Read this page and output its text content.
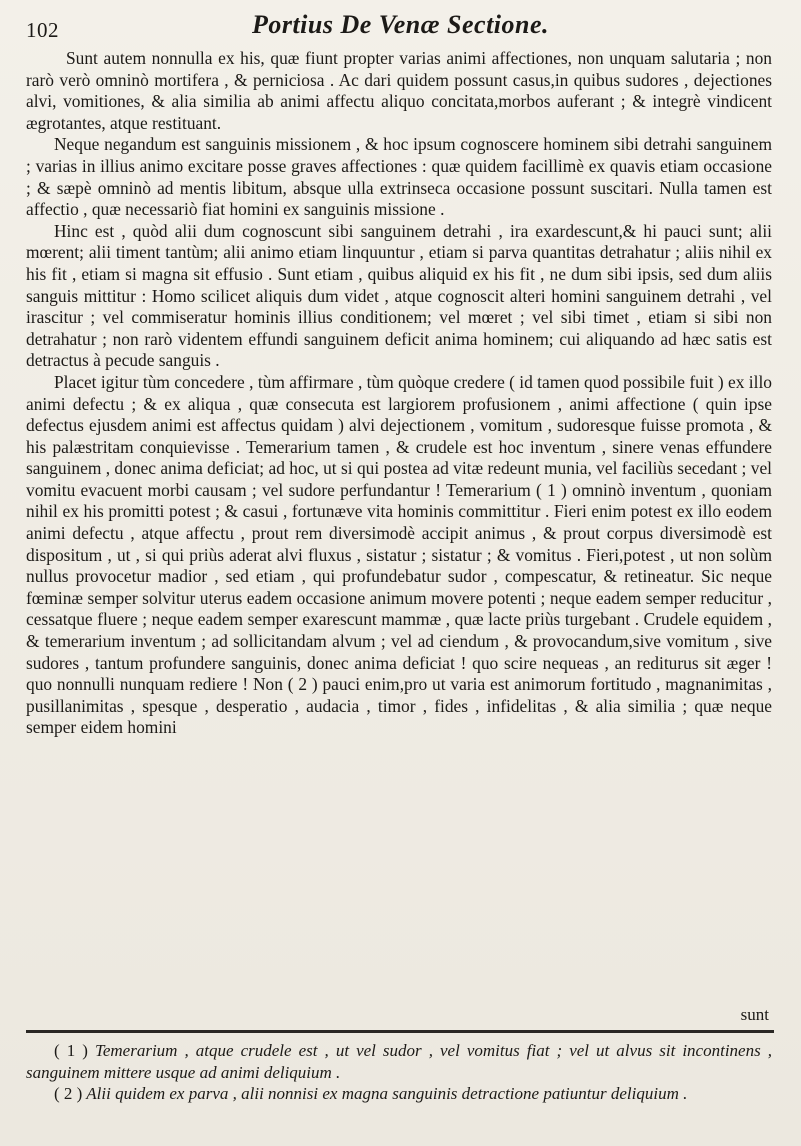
102	Portius De Venæ Sectione.

Sunt autem nonnulla ex his, quæ fiunt propter varias animi affectiones, non unquam salutaria ; non rarò verò omninò mortifera , & perniciosa . Ac dari quidem possunt casus,in quibus sudores , dejectiones alvi, vomitiones, & alia similia ab animi affectu aliquo concitata,morbos auferant ; & integrè vindicent ægrotantes, atque restituant.

Neque negandum est sanguinis missionem , & hoc ipsum cognoscere hominem sibi detrahi sanguinem ; varias in illius animo excitare posse graves affectiones : quæ quidem facillimè ex quavis etiam occasione ; & sæpè omninò ad mentis libitum, absque ulla extrinseca occasione possunt suscitari. Nulla tamen est affectio , quæ necessariò fiat homini ex sanguinis missione .

Hinc est , quòd alii dum cognoscunt sibi sanguinem detrahi , ira exardescunt,& hi pauci sunt; alii mœrent; alii timent tantùm; alii animo etiam linquuntur , etiam si parva quantitas detrahatur ; aliis nihil ex his fit , etiam si magna sit effusio . Sunt etiam , quibus aliquid ex his fit , ne dum sibi ipsis, sed dum aliis sanguis mittitur : Homo scilicet aliquis dum videt , atque cognoscit alteri homini sanguinem detrahi , vel irascitur ; vel commiseratur hominis illius conditionem; vel mœret ; vel sibi timet , etiam si sibi non detrahatur ; non rarò videntem effundi sanguinem deficit anima hominem; cui aliquando ad hæc satis est detractus à pecude sanguis .

Placet igitur tùm concedere , tùm affirmare , tùm quòque credere ( id tamen quod possibile fuit ) ex illo animi defectu ; & ex aliqua , quæ consecuta est largiorem profusionem , animi affectione ( quin ipse defectus ejusdem animi est affectus quidam ) alvi dejectionem , vomitum , sudoresque fuisse promota , & his palæstritam conquievisse . Temerarium tamen , & crudele est hoc inventum , sinere venas effundere sanguinem , donec anima deficiat; ad hoc, ut si qui postea ad vitæ redeunt munia, vel faciliùs secedant ; vel vomitu evacuent morbi causam ; vel sudore perfundantur ! Temerarium ( 1 ) omninò inventum , quoniam nihil ex his promitti potest ; & casui , fortunæve vita hominis committitur . Fieri enim potest ex illo eodem animi defectu , atque affectu , prout rem diversimodè accipit animus , & prout corpus diversimodè est dispositum , ut , si qui priùs aderat alvi fluxus , sistatur ; sistatur ; & vomitus . Fieri,potest , ut non solùm nullus provocetur madior , sed etiam , qui profundebatur sudor , compescatur, & retineatur. Sic neque fœminæ semper solvitur uterus eadem occasione animum movere potenti ; neque eadem semper reducitur , cessatque fluere ; neque eadem semper exarescunt mammæ , quæ lacte priùs turgebant . Crudele equidem , & temerarium inventum ; ad sollicitandam alvum ; vel ad ciendum , & provocandum,sive vomitum , sive sudores , tantum profundere sanguinis, donec anima deficiat ! quo scire nequeas , an rediturus sit æger ! quo nonnulli nunquam rediere ! Non ( 2 ) pauci enim,pro ut varia est animorum fortitudo , magnanimitas , pusillanimitas , spesque , desperatio , audacia , timor , fides , infidelitas , & alia similia ; quæ neque semper eidem homini

sunt

( 1 ) Temerarium , atque crudele est , ut vel sudor , vel vomitus fiat ; vel ut alvus sit incontinens , sanguinem mittere usque ad animi deliquium .

( 2 ) Alii quidem ex parva , alii nonnisi ex magna sanguinis detractione patiuntur deliquium .
